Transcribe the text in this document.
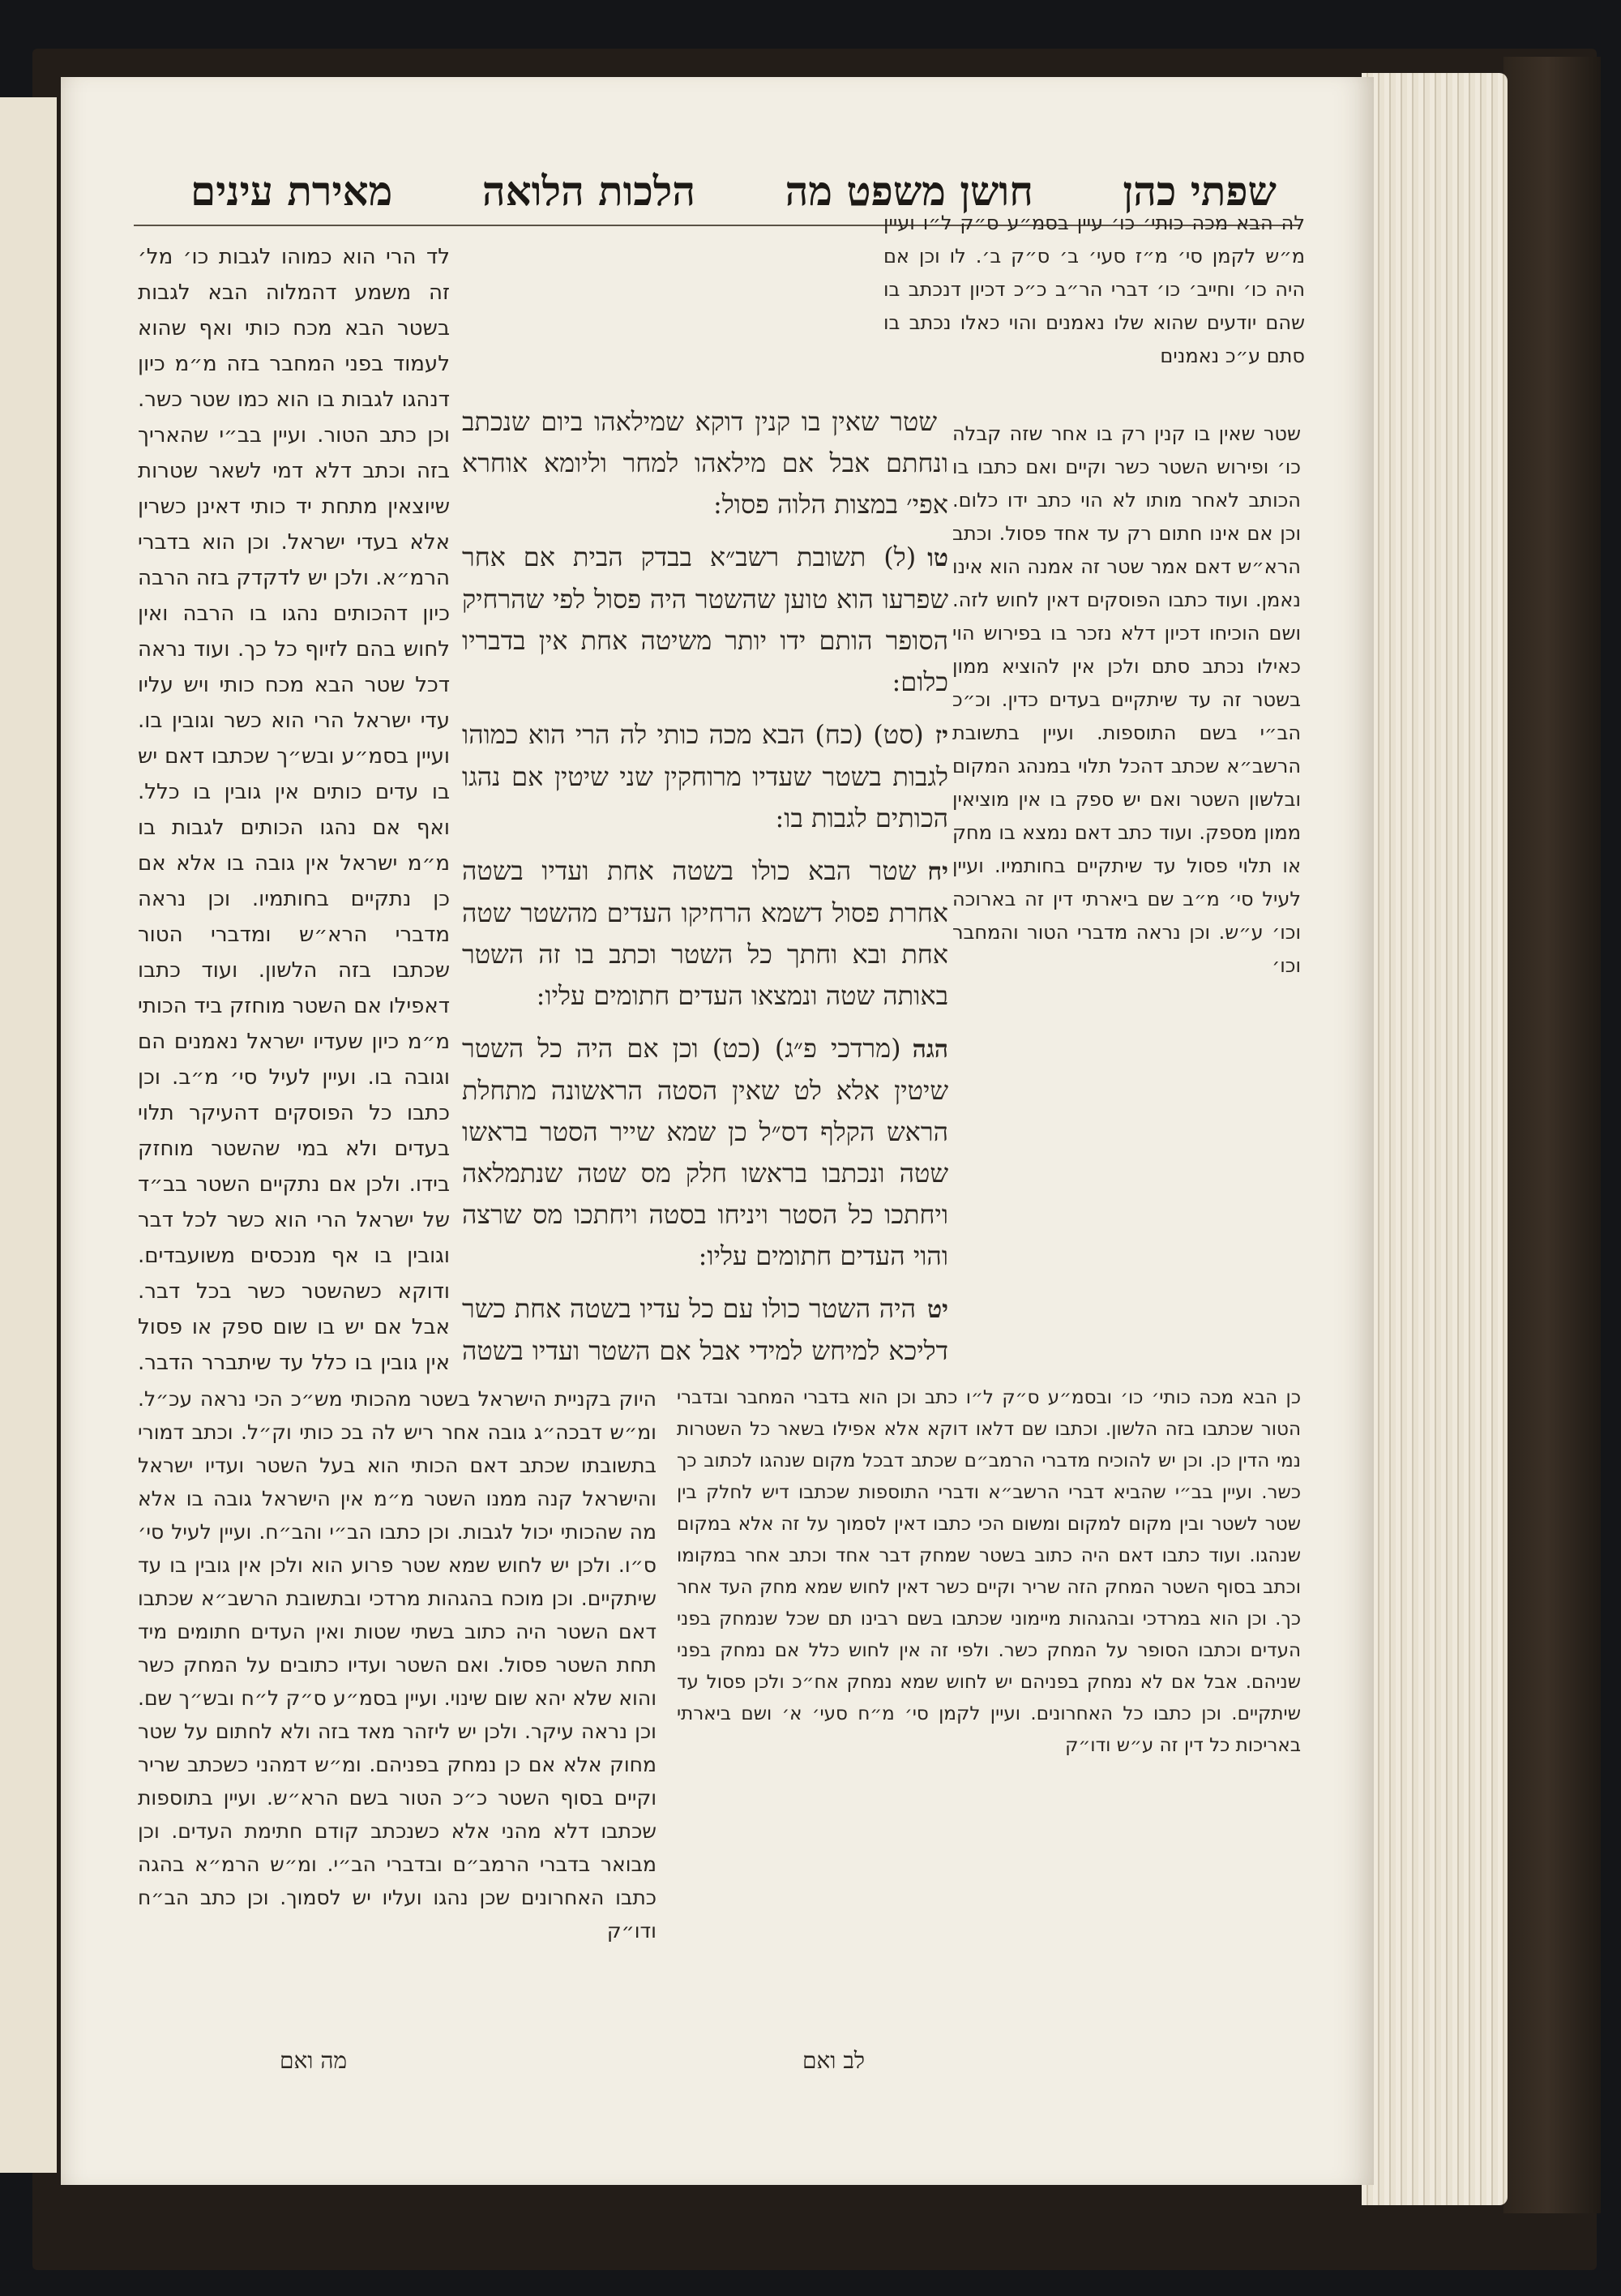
שפתי כהן
חושן משפט מה
הלכות הלואה
מאירת עינים

לה הבא מכה כותי׳ כו׳ עיין בסמ״ע ס״ק ל״ו ועיין מ״ש לקמן סי׳ מ״ז סעי׳ ב׳ ס״ק ב׳. לו וכן אם היה כו׳ וחייב׳ כו׳ דברי הר״ב כ״כ דכיון דנכתב בו שהם יודעים שהוא שלו נאמנים והוי כאלו נכתב בו סתם ע״כ נאמנים

שטר שאין בו קנין רק בו אחר שזה קבלה כו׳ ופירוש השטר כשר וקיים ואם כתבו בו הכותב לאחר מותו לא הוי כתב ידו כלום. וכן אם אינו חתום רק עד אחד פסול. וכתב הרא״ש דאם אמר שטר זה אמנה הוא אינו נאמן. ועוד כתבו הפוסקים דאין לחוש לזה. ושם הוכיחו דכיון דלא נזכר בו בפירוש הוי כאילו נכתב סתם ולכן אין להוציא ממון בשטר זה עד שיתקיים בעדים כדין. וכ״כ הב״י בשם התוספות. ועיין בתשובת הרשב״א שכתב דהכל תלוי במנהג המקום ובלשון השטר ואם יש ספק בו אין מוציאין ממון מספק. ועוד כתב דאם נמצא בו מחק או תלוי פסול עד שיתקיים בחותמיו. ועיין לעיל סי׳ מ״ב שם ביארתי דין זה בארוכה וכו׳ ע״ש. וכן נראה מדברי הטור והמחבר וכו׳

שטר שאין בו קנין דוקא שמילאהו ביום שנכתב ונחתם אבל אם מילאהו למחר וליומא אוחרא אפי׳ במצות הלוה פסול:

טו(ל) תשובת רשב״א בבדק הבית אם אחר שפרעו הוא טוען שהשטר היה פסול לפי שהרחיק הסופר הותם ידו יותר משיטה אחת אין בדבריו כלום:

יז(סט) (כח) הבא מכה כותי לה הרי הוא כמוהו לגבות בשטר שעדיו מרוחקין שני שיטין אם נהגו הכותים לגבות בו:

יחשטר הבא כולו בשטה אחת ועדיו בשטה אחרת פסול דשמא הרחיקו העדים מהשטר שטה אחת ובא וחתך כל השטר וכתב בו זה השטר באותה שטה ונמצאו העדים חתומים עליו:

הגה(מרדכי פ״ג) (כט) וכן אם היה כל השטר שיטין אלא לט שאין הסטה הראשונה מתחלת הראש הקלף דס״ל כן שמא שייר הסטר בראשו שטה ונכתבו בראשו חלק מס שטה שנתמלאה ויחתכו כל הסטר ויניחו בסטה ויחתכו מס שרצה והוי העדים חתומים עליו:

יטהיה השטר כולו עם כל עדיו בשטה אחת כשר דליכא למיחש למידי אבל אם השטר ועדיו בשטה

לד הרי הוא כמוהו לגבות כו׳ מל׳ זה משמע דהמלוה הבא לגבות בשטר הבא מכח כותי ואף שהוא לעמוד בפני המחבר בזה מ״מ כיון דנהגו לגבות בו הוא כמו שטר כשר. וכן כתב הטור. ועיין בב״י שהאריך בזה וכתב דלא דמי לשאר שטרות שיוצאין מתחת יד כותי דאינן כשרין אלא בעדי ישראל. וכן הוא בדברי הרמ״א. ולכן יש לדקדק בזה הרבה כיון דהכותים נהגו בו הרבה ואין לחוש בהם לזיוף כל כך. ועוד נראה דכל שטר הבא מכח כותי ויש עליו עדי ישראל הרי הוא כשר וגובין בו. ועיין בסמ״ע ובש״ך שכתבו דאם יש בו עדים כותים אין גובין בו כלל. ואף אם נהגו הכותים לגבות בו מ״מ ישראל אין גובה בו אלא אם כן נתקיים בחותמיו. וכן נראה מדברי הרא״ש ומדברי הטור שכתבו בזה הלשון. ועוד כתבו דאפילו אם השטר מוחזק ביד הכותי מ״מ כיון שעדיו ישראל נאמנים הם וגובה בו. ועיין לעיל סי׳ מ״ב. וכן כתבו כל הפוסקים דהעיקר תלוי בעדים ולא במי שהשטר מוחזק בידו. ולכן אם נתקיים השטר בב״ד של ישראל הרי הוא כשר לכל דבר וגובין בו אף מנכסים משועבדים. ודוקא כשהשטר כשר בכל דבר. אבל אם יש בו שום ספק או פסול אין גובין בו כלל עד שיתברר הדבר.

כן הבא מכה כותי׳ כו׳ ובסמ״ע ס״ק ל״ו כתב וכן הוא בדברי המחבר ובדברי הטור שכתבו בזה הלשון. וכתבו שם דלאו דוקא אלא אפילו בשאר כל השטרות נמי הדין כן. וכן יש להוכיח מדברי הרמב״ם שכתב דבכל מקום שנהגו לכתוב כך כשר. ועיין בב״י שהביא דברי הרשב״א ודברי התוספות שכתבו דיש לחלק בין שטר לשטר ובין מקום למקום ומשום הכי כתבו דאין לסמוך על זה אלא במקום שנהגו. ועוד כתבו דאם היה כתוב בשטר שמחק דבר אחד וכתב אחר במקומו וכתב בסוף השטר המחק הזה שריר וקיים כשר דאין לחוש שמא מחק העד אחר כך. וכן הוא במרדכי ובהגהות מיימוני שכתבו בשם רבינו תם שכל שנמחק בפני העדים וכתבו הסופר על המחק כשר. ולפי זה אין לחוש כלל אם נמחק בפני שניהם. אבל אם לא נמחק בפניהם יש לחוש שמא נמחק אח״כ ולכן פסול עד שיתקיים. וכן כתבו כל האחרונים. ועיין לקמן סי׳ מ״ח סעי׳ א׳ ושם ביארתי באריכות כל דין זה ע״ש ודו״ק

היוק בקניית הישראל בשטר מהכותי מש״כ הכי נראה עכ״ל. ומ״ש דבכה״ג גובה אחר ריש לה בכ כותי וק״ל. וכתב דמורי בתשובתו שכתב דאם הכותי הוא בעל השטר ועדיו ישראל והישראל קנה ממנו השטר מ״מ אין הישראל גובה בו אלא מה שהכותי יכול לגבות. וכן כתבו הב״י והב״ח. ועיין לעיל סי׳ ס״ו. ולכן יש לחוש שמא שטר פרוע הוא ולכן אין גובין בו עד שיתקיים. וכן מוכח בהגהות מרדכי ובתשובת הרשב״א שכתבו דאם השטר היה כתוב בשתי שטות ואין העדים חתומים מיד תחת השטר פסול. ואם השטר ועדיו כתובים על המחק כשר והוא שלא יהא שום שינוי. ועיין בסמ״ע ס״ק ל״ח ובש״ך שם. וכן נראה עיקר. ולכן יש ליזהר מאד בזה ולא לחתום על שטר מחוק אלא אם כן נמחק בפניהם. ומ״ש דמהני כשכתב שריר וקיים בסוף השטר כ״כ הטור בשם הרא״ש. ועיין בתוספות שכתבו דלא מהני אלא כשנכתב קודם חתימת העדים. וכן מבואר בדברי הרמב״ם ובדברי הב״י. ומ״ש הרמ״א בהגה כתבו האחרונים שכן נהגו ועליו יש לסמוך. וכן כתב הב״ח ודו״ק

לב ואם
מה ואם
